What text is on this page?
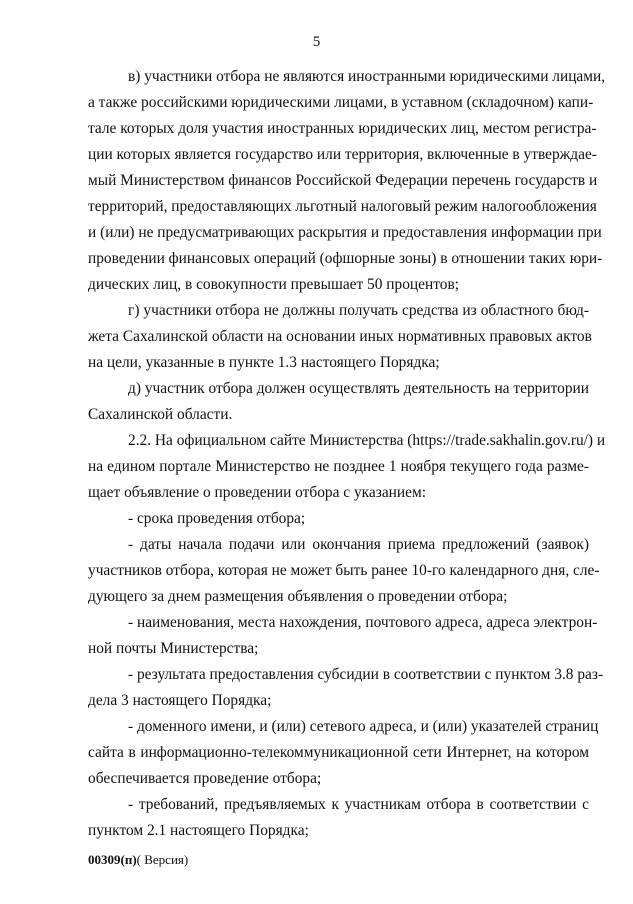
5
в) участники отбора не являются иностранными юридическими лицами,
а также российскими юридическими лицами, в уставном (складочном) капи-
тале которых доля участия иностранных юридических лиц, местом регистра-
ции которых является государство или территория, включенные в утверждае-
мый Министерством финансов Российской Федерации перечень государств и
территорий, предоставляющих льготный налоговый режим налогообложения
и (или) не предусматривающих раскрытия и предоставления информации при
проведении финансовых операций (офшорные зоны) в отношении таких юри-
дических лиц, в совокупности превышает 50 процентов;
г) участники отбора не должны получать средства из областного бюд-
жета Сахалинской области на основании иных нормативных правовых актов
на цели, указанные в пункте 1.3 настоящего Порядка;
д) участник отбора должен осуществлять деятельность на территории
Сахалинской области.
2.2. На официальном сайте Министерства (https://trade.sakhalin.gov.ru/) и
на едином портале Министерство не позднее 1 ноября текущего года разме-
щает объявление о проведении отбора с указанием:
- срока проведения отбора;
- даты начала подачи или окончания приема предложений (заявок)
участников отбора, которая не может быть ранее 10-го календарного дня, сле-
дующего за днем размещения объявления о проведении отбора;
- наименования, места нахождения, почтового адреса, адреса электрон-
ной почты Министерства;
- результата предоставления субсидии в соответствии с пунктом 3.8 раз-
дела 3 настоящего Порядка;
- доменного имени, и (или) сетевого адреса, и (или) указателей страниц
сайта в информационно-телекоммуникационной сети Интернет, на котором
обеспечивается проведение отбора;
- требований, предъявляемых к участникам отбора в соответствии с
пунктом 2.1 настоящего Порядка;
00309(п)( Версия)
